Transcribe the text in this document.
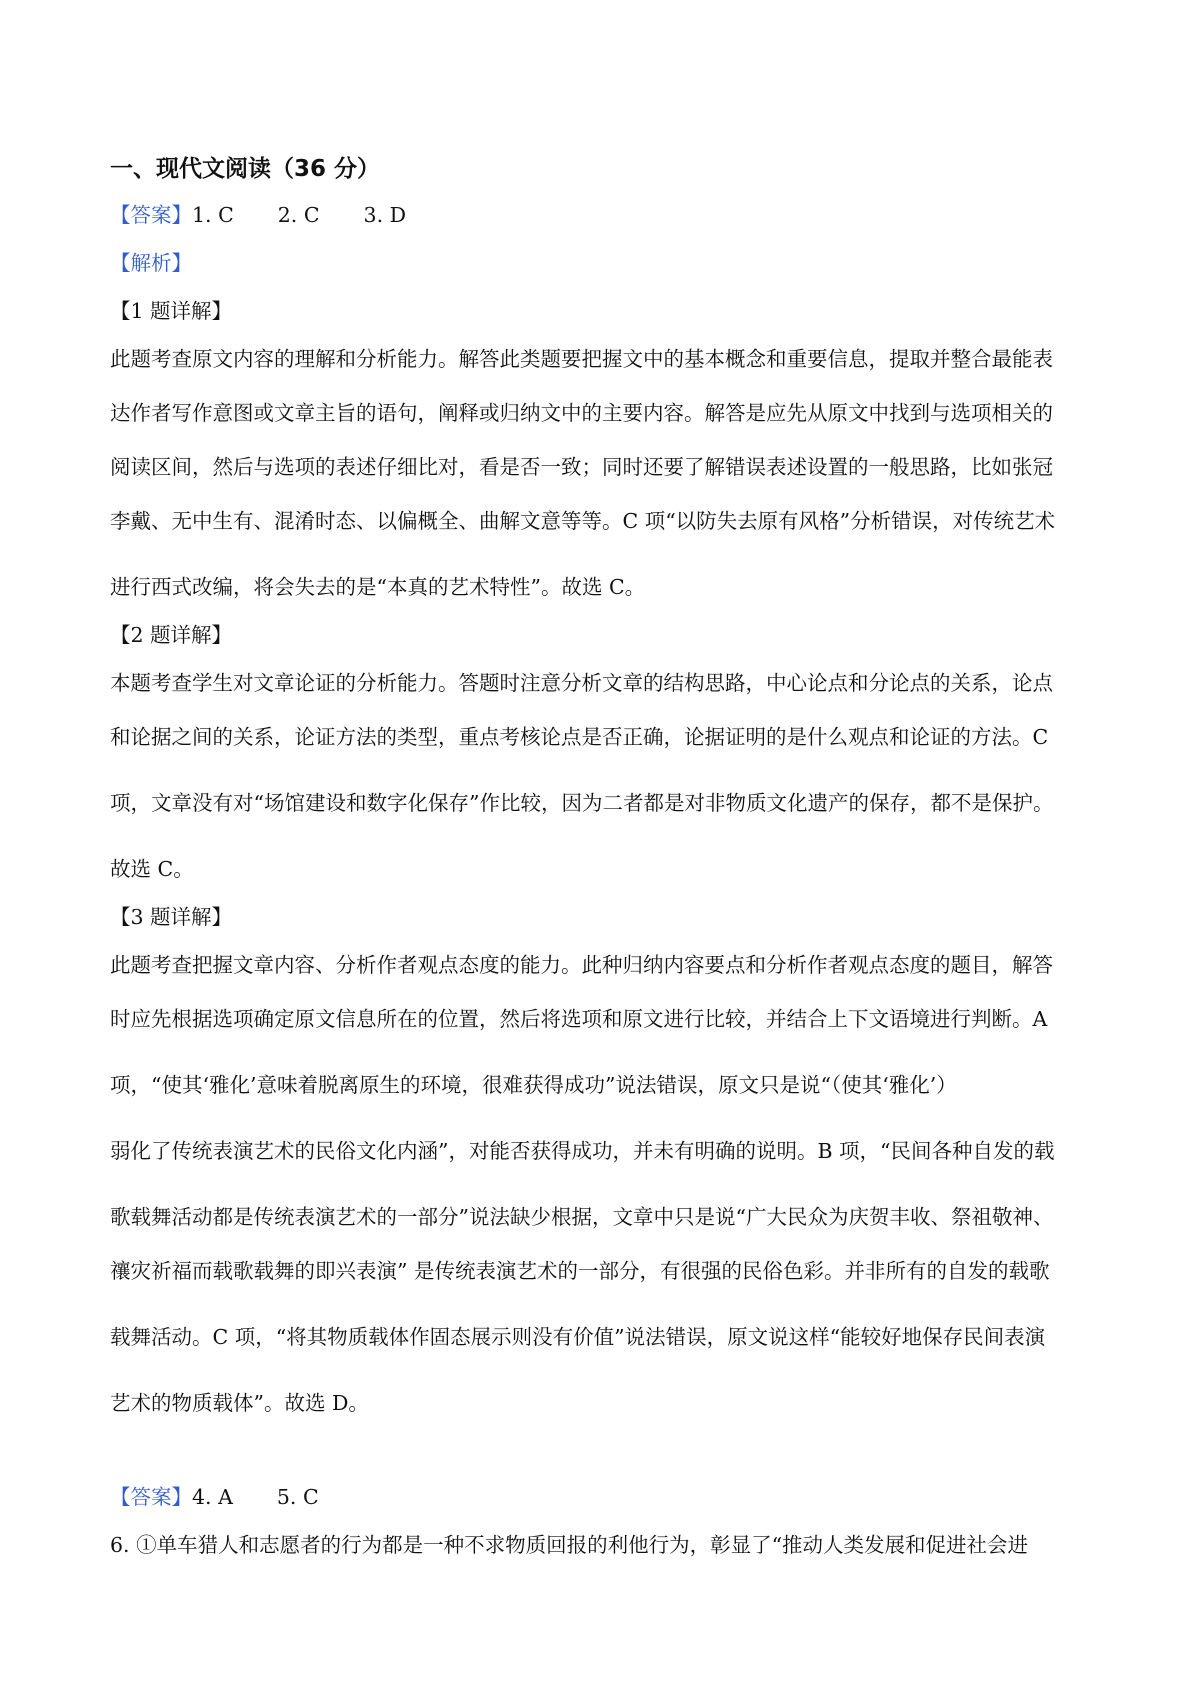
一、现代文阅读（36 分）
【答案】1. C 2. C 3. D
【解析】
【1 题详解】
此题考查原文内容的理解和分析能力。解答此类题要把握文中的基本概念和重要信息，提取并整合最能表
达作者写作意图或文章主旨的语句，阐释或归纳文中的主要内容。解答是应先从原文中找到与选项相关的
阅读区间，然后与选项的表述仔细比对，看是否一致；同时还要了解错误表述设置的一般思路，比如张冠
李戴、无中生有、混淆时态、以偏概全、曲解文意等等。C 项“以防失去原有风格”分析错误，对传统艺术
进行西式改编，将会失去的是“本真的艺术特性”。故选 C。
【2 题详解】
本题考查学生对文章论证的分析能力。答题时注意分析文章的结构思路，中心论点和分论点的关系，论点
和论据之间的关系，论证方法的类型，重点考核论点是否正确，论据证明的是什么观点和论证的方法。C
项，文章没有对“场馆建设和数字化保存”作比较，因为二者都是对非物质文化遗产的保存，都不是保护。
故选 C。
【3 题详解】
此题考查把握文章内容、分析作者观点态度的能力。此种归纳内容要点和分析作者观点态度的题目，解答
时应先根据选项确定原文信息所在的位置，然后将选项和原文进行比较，并结合上下文语境进行判断。A
项，“使其‘雅化’意味着脱离原生的环境，很难获得成功”说法错误，原文只是说“（使其‘雅化’）
弱化了传统表演艺术的民俗文化内涵”，对能否获得成功，并未有明确的说明。B 项，“民间各种自发的载
歌载舞活动都是传统表演艺术的一部分”说法缺少根据，文章中只是说“广大民众为庆贺丰收、祭祖敬神、
禳灾祈福而载歌载舞的即兴表演” 是传统表演艺术的一部分，有很强的民俗色彩。并非所有的自发的载歌
载舞活动。C 项，“将其物质载体作固态展示则没有价值”说法错误，原文说这样“能较好地保存民间表演
艺术的物质载体”。故选 D。
【答案】4. A 5. C
6. ①单车猎人和志愿者的行为都是一种不求物质回报的利他行为，彰显了“推动人类发展和促进社会进
